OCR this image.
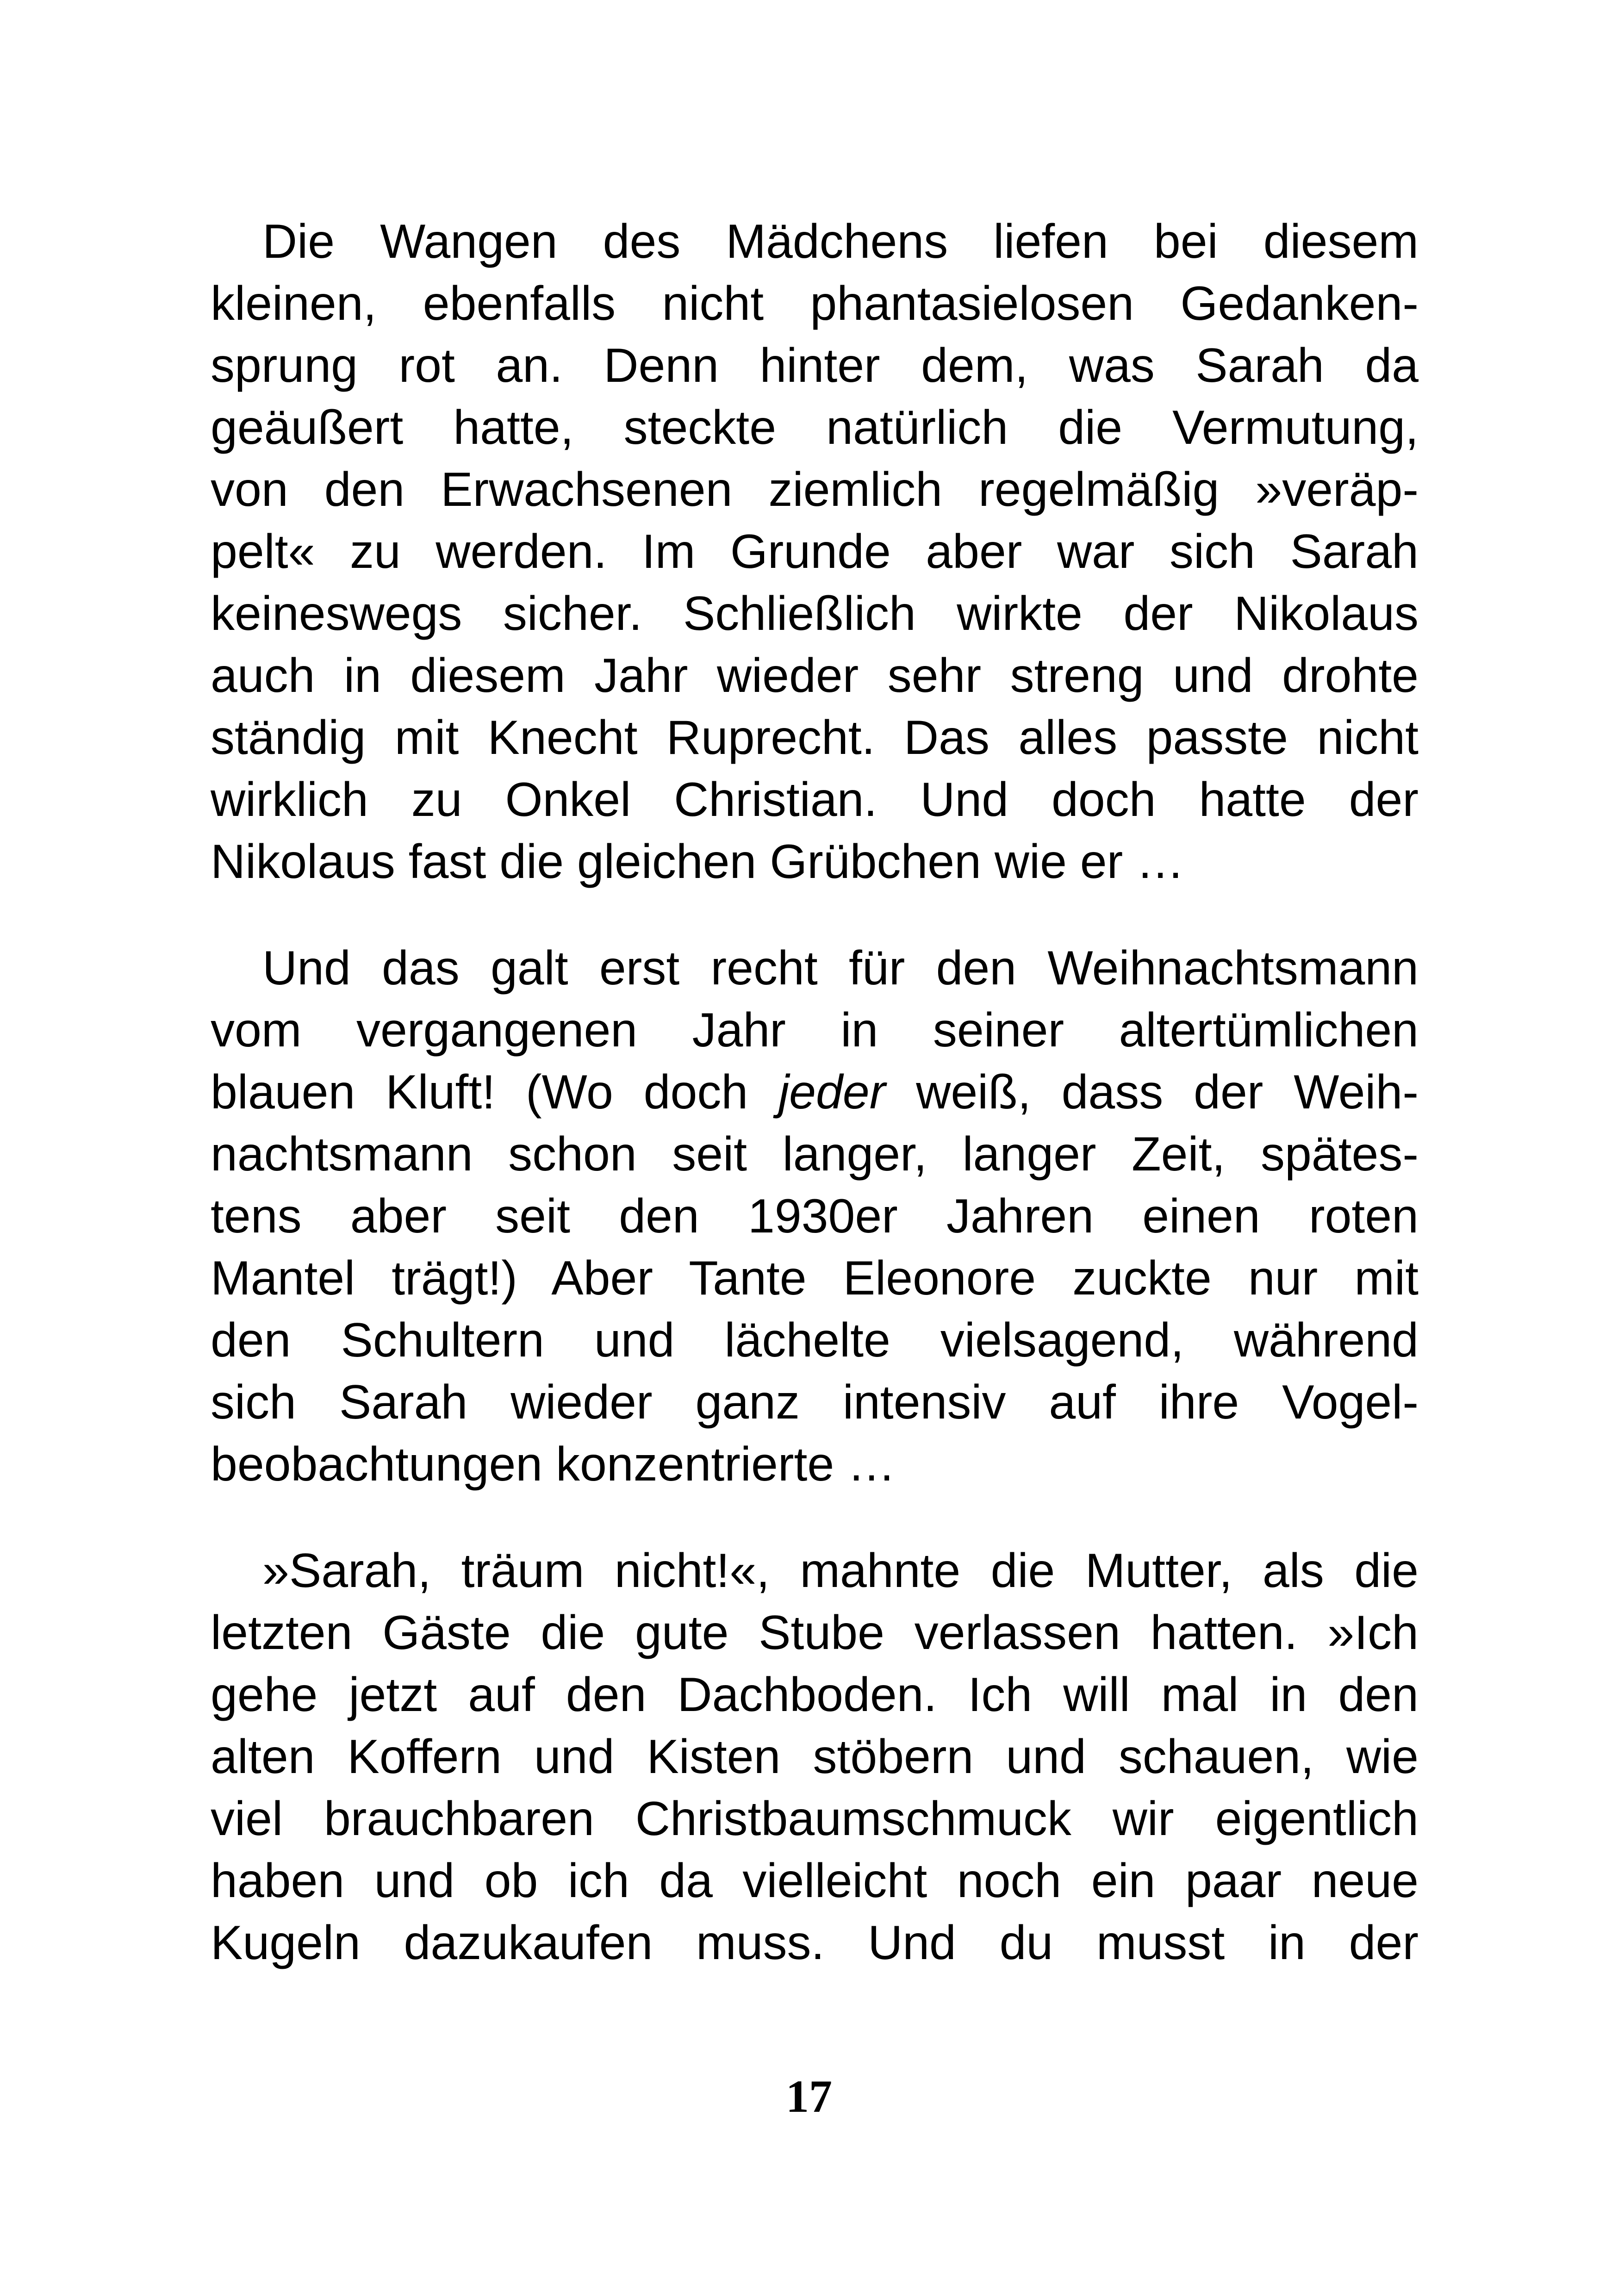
Die Wangen des Mädchens liefen bei diesem
kleinen, ebenfalls nicht phantasielosen Gedanken-
sprung rot an. Denn hinter dem, was Sarah da
geäußert hatte, steckte natürlich die Vermutung,
von den Erwachsenen ziemlich regelmäßig »veräp-
pelt« zu werden. Im Grunde aber war sich Sarah
keineswegs sicher. Schließlich wirkte der Nikolaus
auch in diesem Jahr wieder sehr streng und drohte
ständig mit Knecht Ruprecht. Das alles passte nicht
wirklich zu Onkel Christian. Und doch hatte der
Nikolaus fast die gleichen Grübchen wie er …
Und das galt erst recht für den Weihnachtsmann
vom vergangenen Jahr in seiner altertümlichen
blauen Kluft! (Wo doch jeder weiß, dass der Weih-
nachtsmann schon seit langer, langer Zeit, spätes-
tens aber seit den 1930er Jahren einen roten
Mantel trägt!) Aber Tante Eleonore zuckte nur mit
den Schultern und lächelte vielsagend, während
sich Sarah wieder ganz intensiv auf ihre Vogel-
beobachtungen konzentrierte …
»Sarah, träum nicht!«, mahnte die Mutter, als die
letzten Gäste die gute Stube verlassen hatten. »Ich
gehe jetzt auf den Dachboden. Ich will mal in den
alten Koffern und Kisten stöbern und schauen, wie
viel brauchbaren Christbaumschmuck wir eigentlich
haben und ob ich da vielleicht noch ein paar neue
Kugeln dazukaufen muss. Und du musst in der
17
